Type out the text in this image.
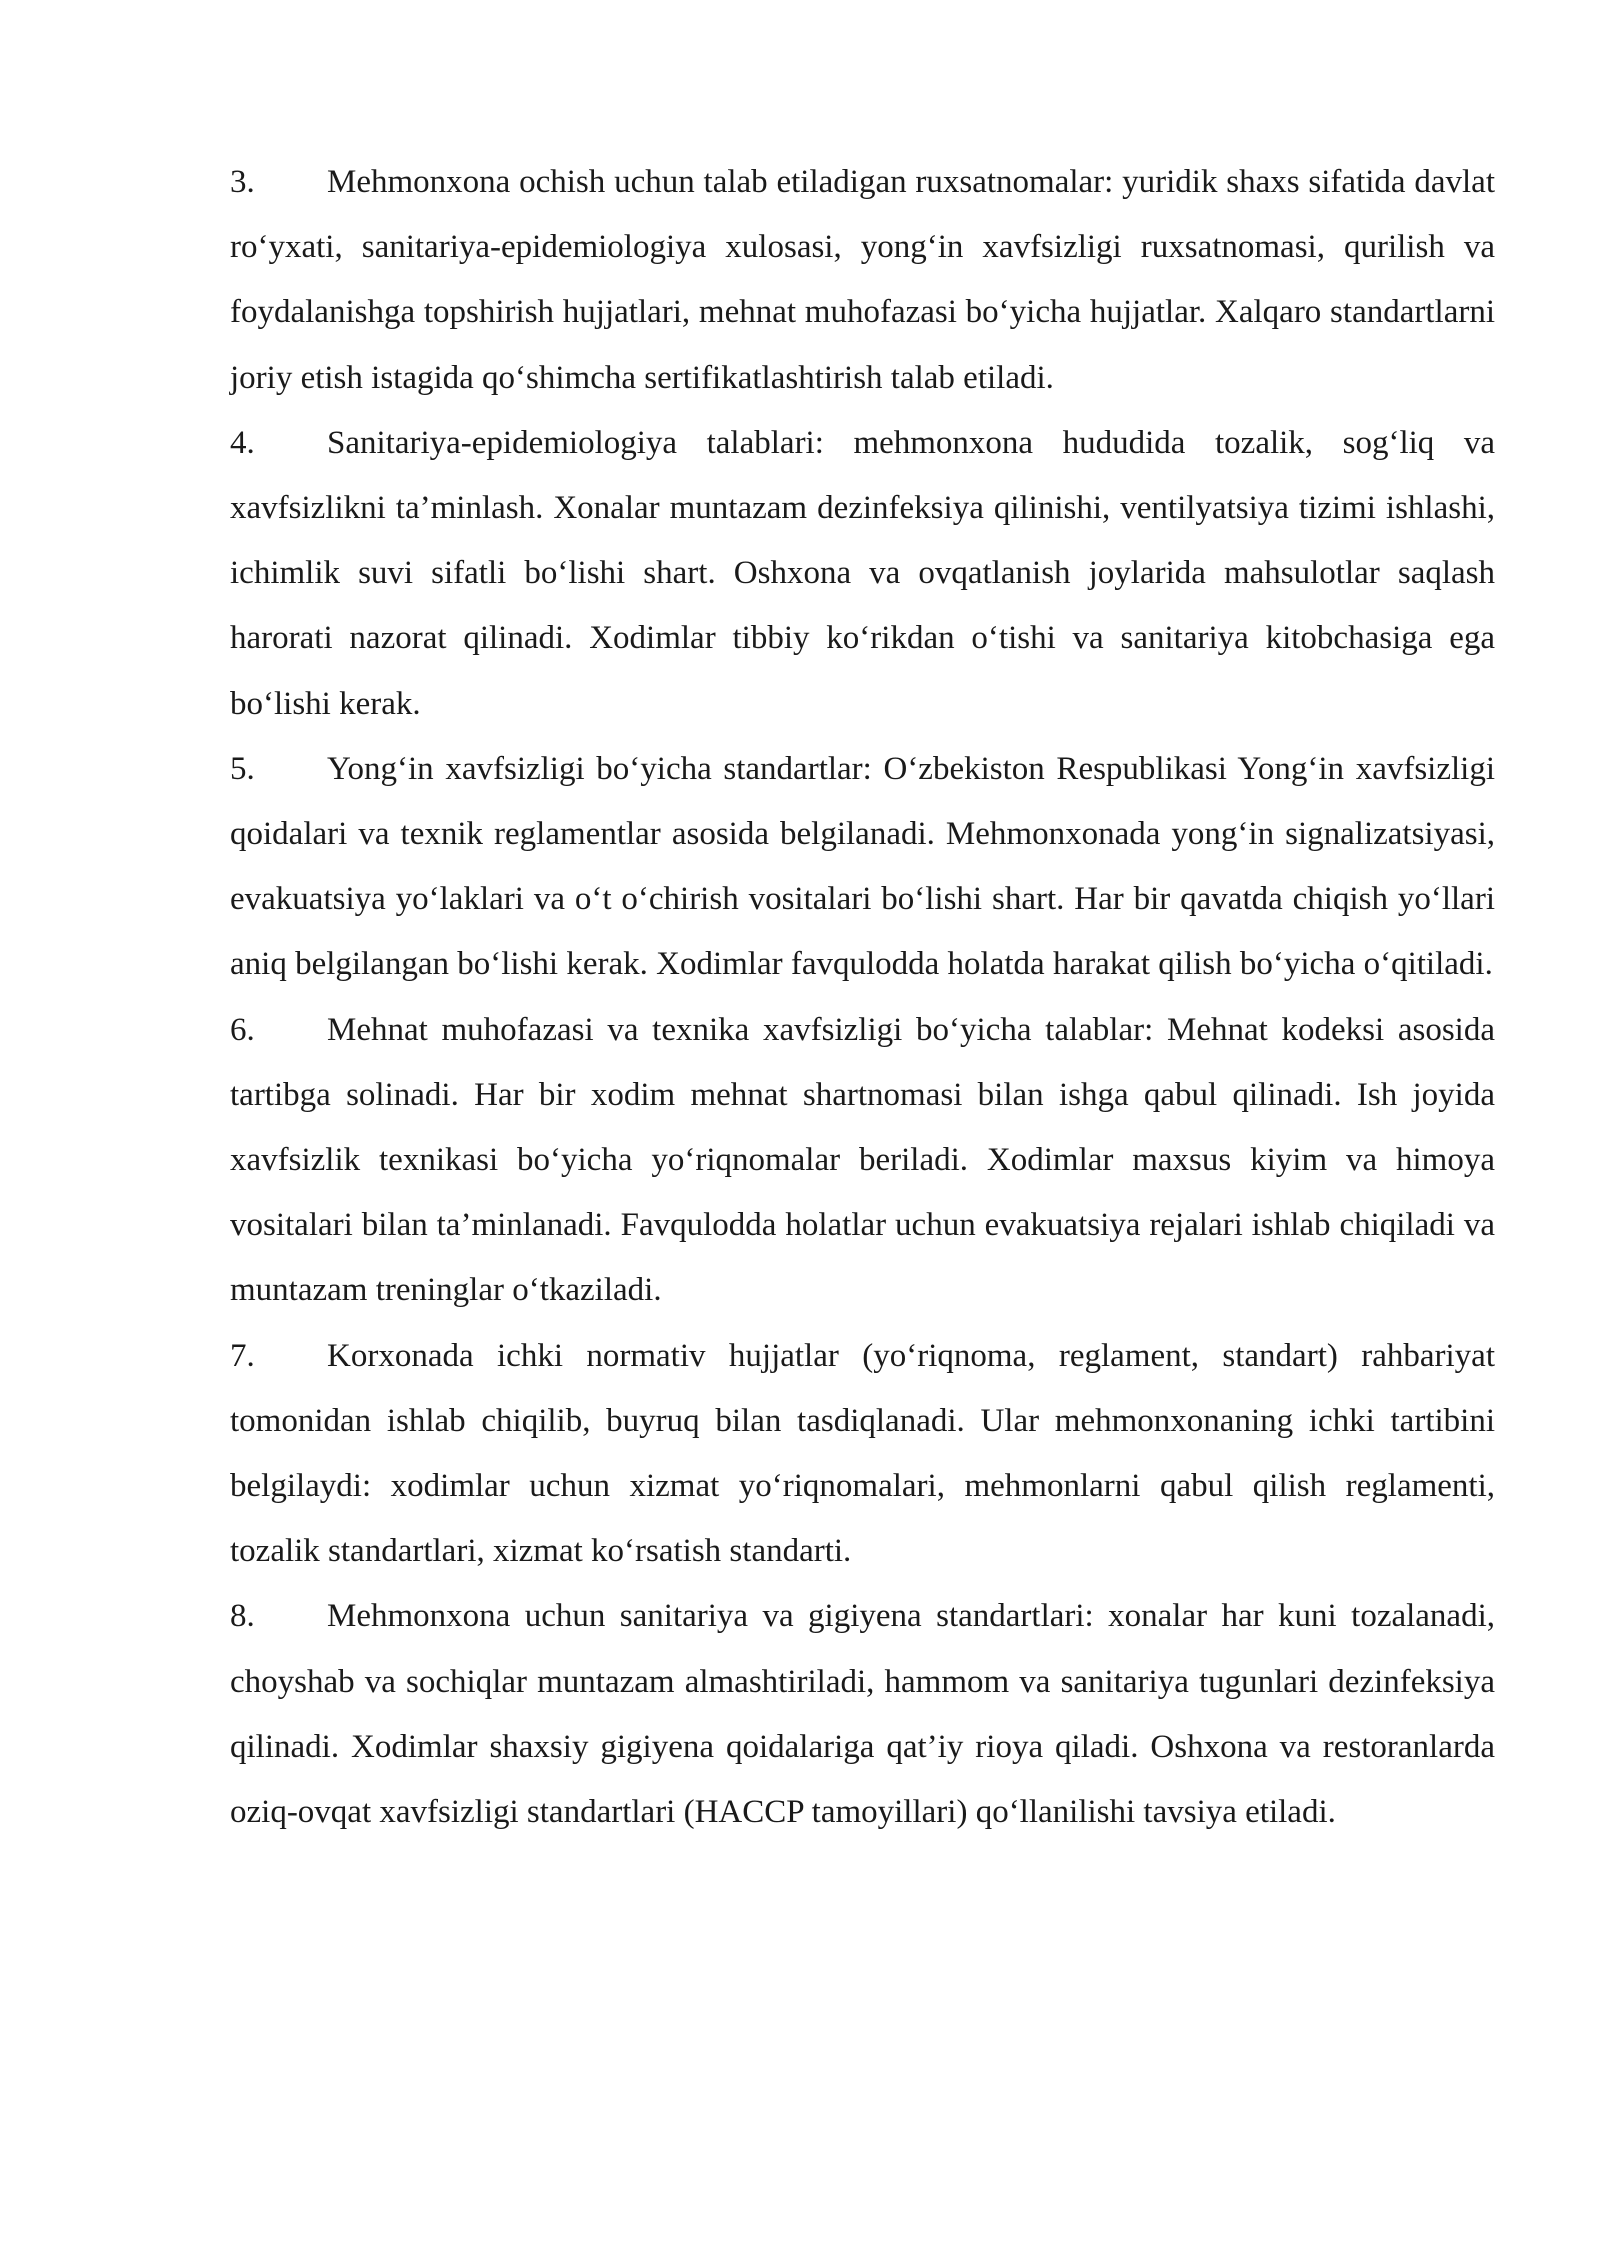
3. Mehmonxona ochish uchun talab etiladigan ruxsatnomalar: yuridik shaxs sifatida davlat ro‘yxati, sanitariya-epidemiologiya xulosasi, yong‘in xavfsizligi ruxsatnomasi, qurilish va foydalanishga topshirish hujjatlari, mehnat muhofazasi bo‘yicha hujjatlar. Xalqaro standartlarni joriy etish istagida qo‘shimcha sertifikatlashtirish talab etiladi.

4. Sanitariya-epidemiologiya talablari: mehmonxona hududida tozalik, sog‘liq va xavfsizlikni ta’minlash. Xonalar muntazam dezinfeksiya qilinishi, ventilyatsiya tizimi ishlashi, ichimlik suvi sifatli bo‘lishi shart. Oshxona va ovqatlanish joylarida mahsulotlar saqlash harorati nazorat qilinadi. Xodimlar tibbiy ko‘rikdan o‘tishi va sanitariya kitobchasiga ega bo‘lishi kerak.

5. Yong‘in xavfsizligi bo‘yicha standartlar: O‘zbekiston Respublikasi Yong‘in xavfsizligi qoidalari va texnik reglamentlar asosida belgilanadi. Mehmonxonada yong‘in signalizatsiyasi, evakuatsiya yo‘laklari va o‘t o‘chirish vositalari bo‘lishi shart. Har bir qavatda chiqish yo‘llari aniq belgilangan bo‘lishi kerak. Xodimlar favqulodda holatda harakat qilish bo‘yicha o‘qitiladi.

6. Mehnat muhofazasi va texnika xavfsizligi bo‘yicha talablar: Mehnat kodeksi asosida tartibga solinadi. Har bir xodim mehnat shartnomasi bilan ishga qabul qilinadi. Ish joyida xavfsizlik texnikasi bo‘yicha yo‘riqnomalar beriladi. Xodimlar maxsus kiyim va himoya vositalari bilan ta’minlanadi. Favqulodda holatlar uchun evakuatsiya rejalari ishlab chiqiladi va muntazam treninglar o‘tkaziladi.

7. Korxonada ichki normativ hujjatlar (yo‘riqnoma, reglament, standart) rahbariyat tomonidan ishlab chiqilib, buyruq bilan tasdiqlanadi. Ular mehmonxonaning ichki tartibini belgilaydi: xodimlar uchun xizmat yo‘riqnomalari, mehmonlarni qabul qilish reglamenti, tozalik standartlari, xizmat ko‘rsatish standarti.

8. Mehmonxona uchun sanitariya va gigiyena standartlari: xonalar har kuni tozalanadi, choyshab va sochiqlar muntazam almashtiriladi, hammom va sanitariya tugunlari dezinfeksiya qilinadi. Xodimlar shaxsiy gigiyena qoidalariga qat’iy rioya qiladi. Oshxona va restoranlarda oziq-ovqat xavfsizligi standartlari (HACCP tamoyillari) qo‘llanilishi tavsiya etiladi.
